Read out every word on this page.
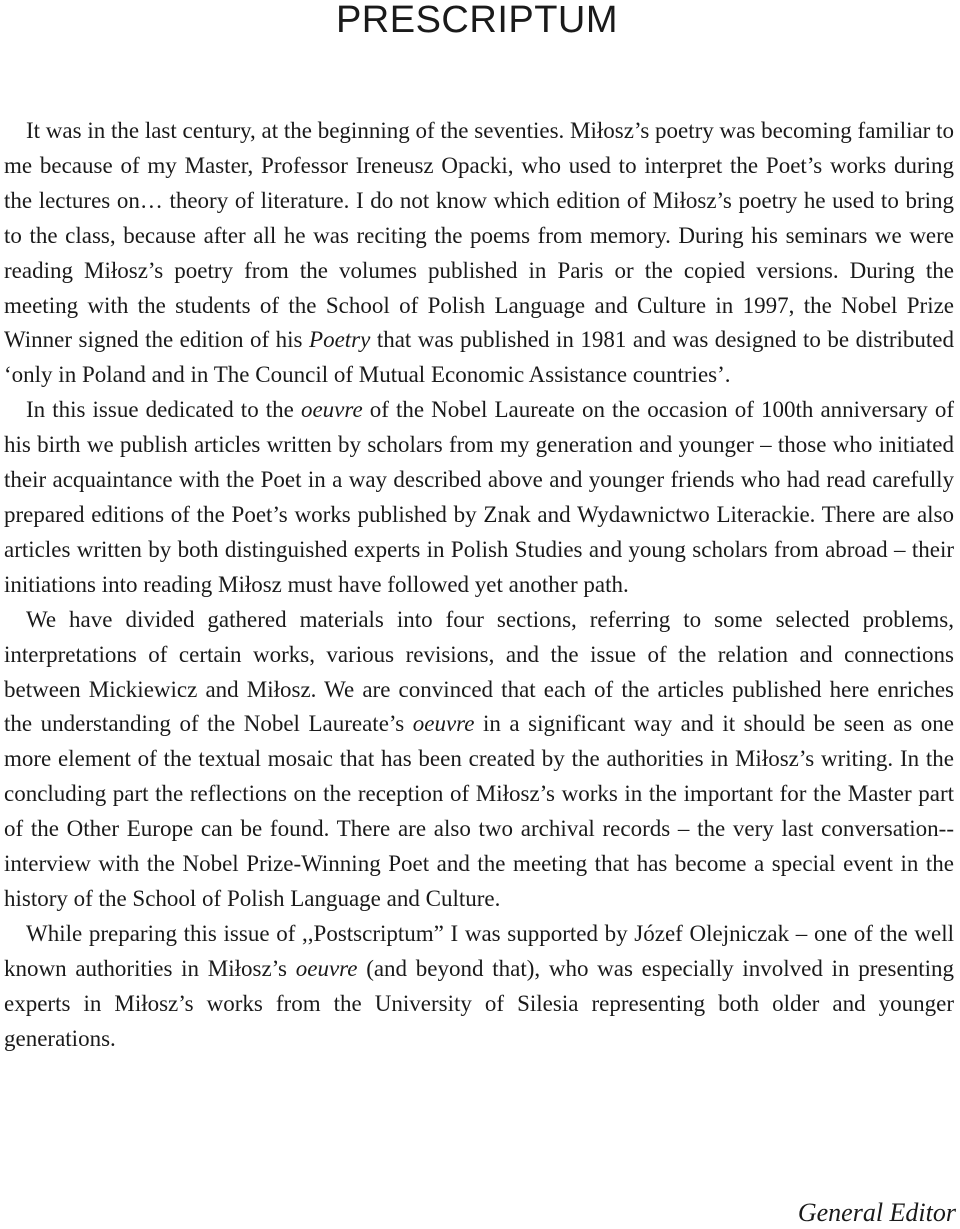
PRESCRIPTUM

It was in the last century, at the beginning of the seventies. Miłosz’s poetry was becoming familiar to me because of my Master, Professor Ireneusz Opacki, who used to interpret the Poet’s works during the lectures on… theory of literature. I do not know which edition of Miłosz’s poetry he used to bring to the class, because after all he was reciting the poems from memory. During his seminars we were reading Miłosz’s poetry from the volumes published in Paris or the copied versions. During the meeting with the students of the School of Polish Language and Culture in 1997, the Nobel Prize Winner signed the edition of his Poetry that was published in 1981 and was designed to be distributed ‘only in Poland and in The Council of Mutual Economic Assistance countries’.

In this issue dedicated to the oeuvre of the Nobel Laureate on the occasion of 100th anniversary of his birth we publish articles written by scholars from my generation and younger – those who initiated their acquaintance with the Poet in a way described above and younger friends who had read carefully prepared editions of the Poet’s works published by Znak and Wydawnictwo Literackie. There are also articles written by both distinguished experts in Polish Studies and young scholars from abroad – their initiations into reading Miłosz must have followed yet another path.

We have divided gathered materials into four sections, referring to some selected problems, interpretations of certain works, various revisions, and the issue of the relation and connections between Mickiewicz and Miłosz. We are convinced that each of the articles published here enriches the understanding of the Nobel Laureate’s oeuvre in a significant way and it should be seen as one more element of the textual mosaic that has been created by the authorities in Miłosz’s writing. In the concluding part the reflections on the reception of Miłosz’s works in the important for the Master part of the Other Europe can be found. There are also two archival records – the very last conversation-​-interview with the Nobel Prize-Winning Poet and the meeting that has become a special event in the history of the School of Polish Language and Culture.

While preparing this issue of ,,Postscriptum” I was supported by Józef Olejniczak – one of the well known authorities in Miłosz’s oeuvre (and beyond that), who was especially involved in presenting experts in Miłosz’s works from the University of Silesia representing both older and younger generations.

General Editor
